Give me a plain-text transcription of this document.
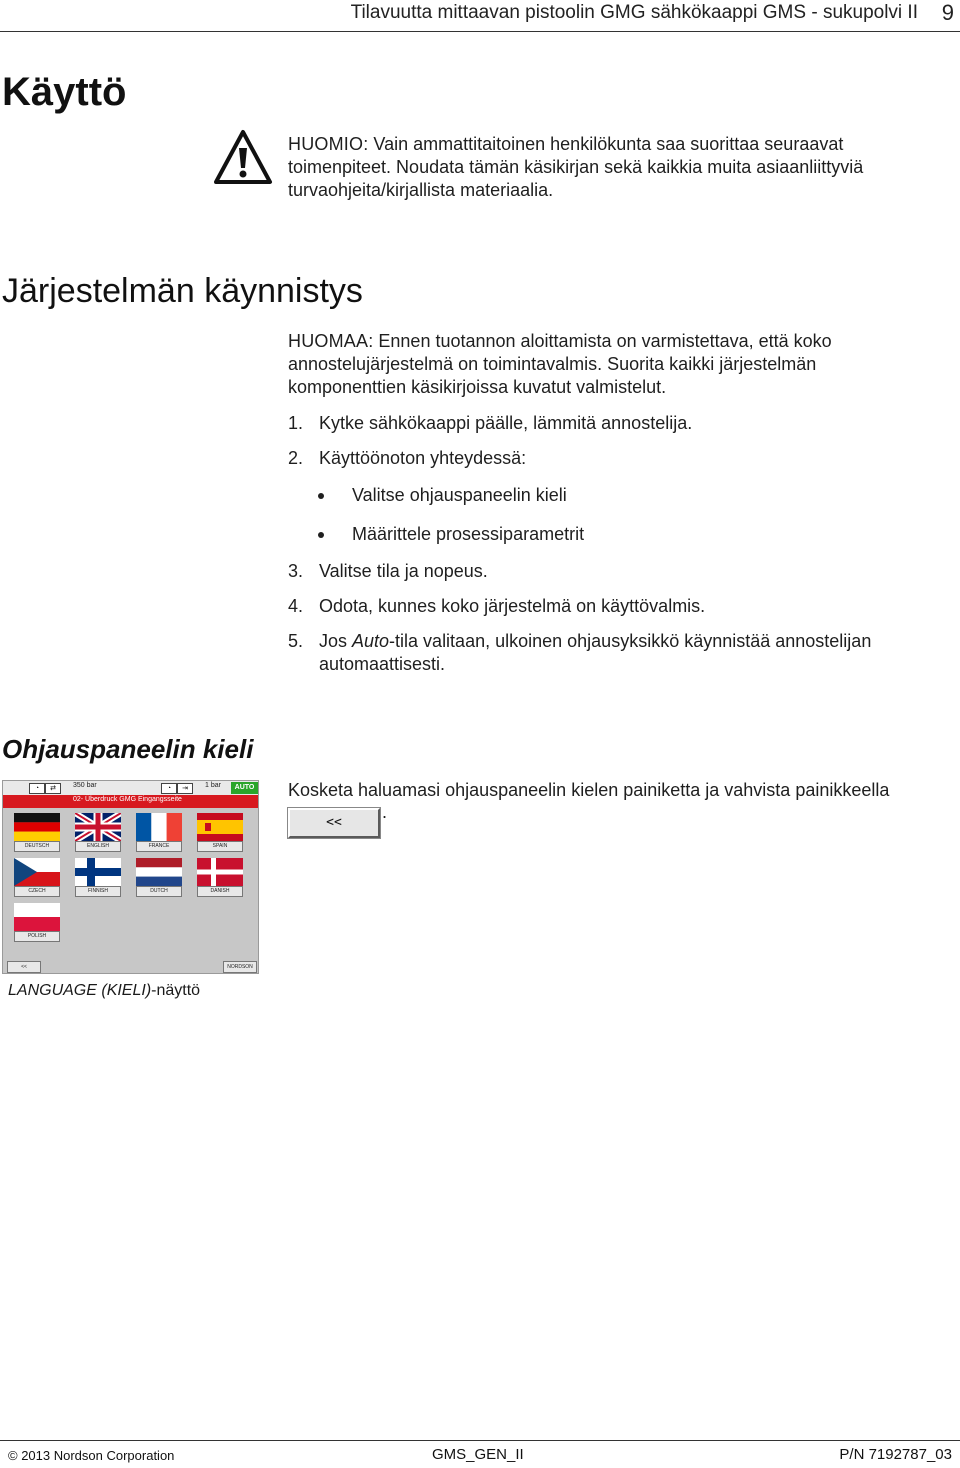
Tilavuutta mittaavan pistoolin GMG sähkökaappi GMS - sukupolvi II 9
Käyttö
HUOMIO: Vain ammattitaitoinen henkilökunta saa suorittaa seuraavat toimenpiteet. Noudata tämän käsikirjan sekä kaikkia muita asiaanliittyviä turvaohjeita/kirjallista materiaalia.
Järjestelmän käynnistys
HUOMAA: Ennen tuotannon aloittamista on varmistettava, että koko annostelujärjestelmä on toimintavalmis. Suorita kaikki järjestelmän komponenttien käsikirjoissa kuvatut valmistelut.
1. Kytke sähkökaappi päälle, lämmitä annostelija.
2. Käyttöönoton yhteydessä:
Valitse ohjauspaneelin kieli
Määrittele prosessiparametrit
3. Valitse tila ja nopeus.
4. Odota, kunnes koko järjestelmä on käyttövalmis.
5. Jos Auto-tila valitaan, ulkoinen ohjausyksikkö käynnistää annostelijan automaattisesti.
Ohjauspaneelin kieli
◔	⇄	350 bar	◔	⇥	1 bar	AUTO
02- Überdruck GMG Eingangsseite
DEUTSCH	ENGLISH	FRANCE	SPAIN
CZECH	FINNISH	DUTCH	DANISH
POLISH
<<	NORDSON
LANGUAGE (KIELI)-näyttö
Kosketa haluamasi ohjauspaneelin kielen painiketta ja vahvista painikkeella
<<
.
© 2013 Nordson Corporation	GMS_GEN_II	P/N 7192787_03
